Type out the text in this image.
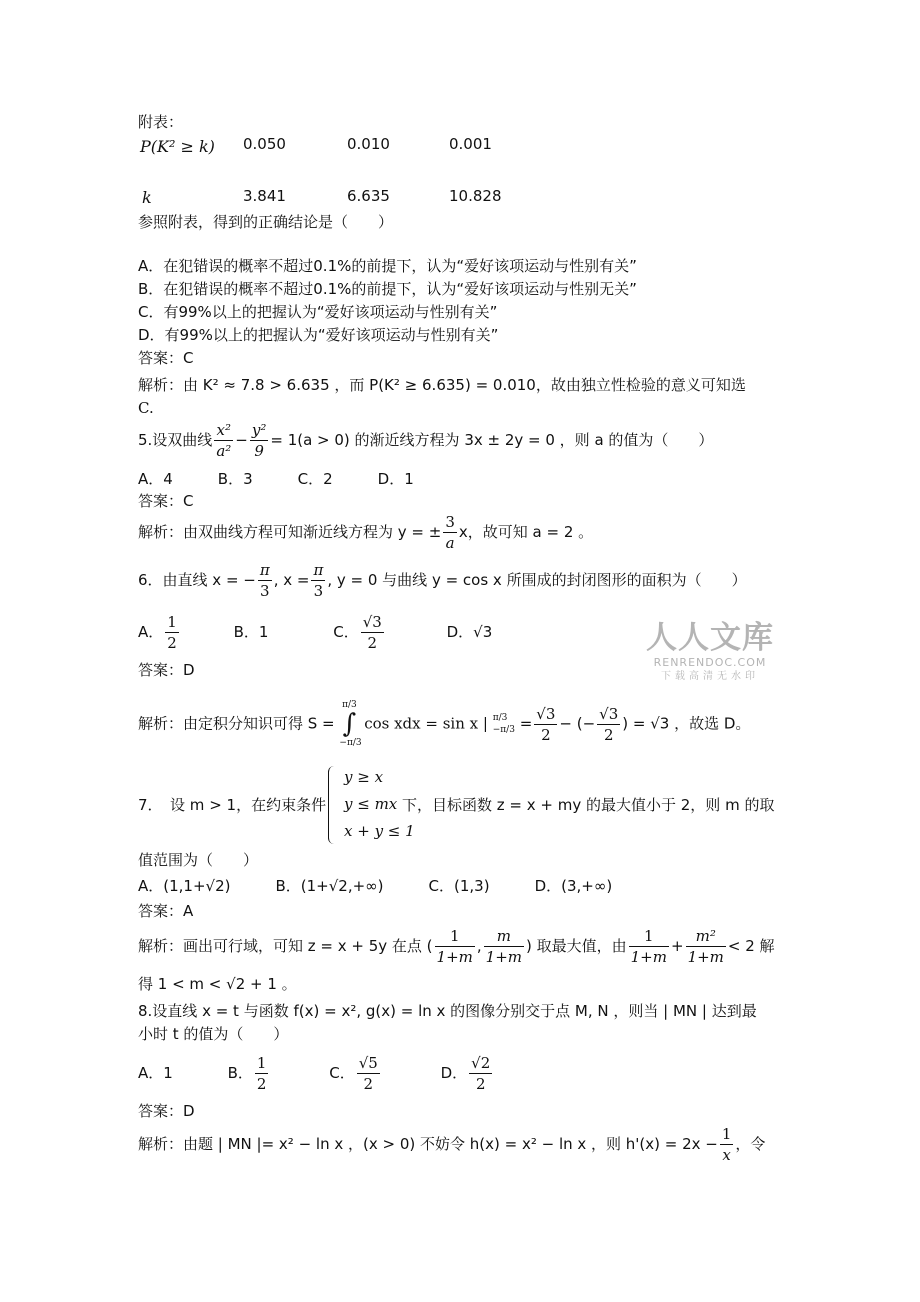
附表：
P(K² ≥ k) 0.050	0.010	0.001
k	3.841	6.635	10.828
参照附表，得到的正确结论是（　　）
A．在犯错误的概率不超过0.1%的前提下，认为“爱好该项运动与性别有关”
B．在犯错误的概率不超过0.1%的前提下，认为“爱好该项运动与性别无关”
C．有99%以上的把握认为“爱好该项运动与性别有关”
D．有99%以上的把握认为“爱好该项运动与性别有关”
答案：C
解析：由 K² ≈ 7.8 > 6.635 ，而 P(K² ≥ 6.635) = 0.010，故由独立性检验的意义可知选
C.
5.设双曲线 $\frac{\text{x²}}{\text{a²}} - \frac{\text{y²}}{9} = 1(a > 0)$ 的渐近线方程为 3x ± 2y = 0 ，则 a 的值为（　　）
A．4　　　B．3　　　C．2　　　D．1
答案：C
解析：由双曲线方程可知渐近线方程为 y = ± $\frac{3}{a}$ x，故可知 a = 2 。
6．由直线 x = − $\frac{\pi}{3}$ , $x = \frac{\pi}{3}$ , y = 0 与曲线 y = cos x 所围成的封闭图形的面积为（　　）
A． $\frac{1}{2}$	B．1	C． $\frac{√3}{2}$	D．√3
答案：D
解析：由定积分知识可得 S =
π/3
∫
−π/3
cos xdx = sin x | π/3
$-\pi/3 = \frac{√3}{2}$ − (− $\frac{√3}{2}$ ) = √3 ，故选 D。
7．　设 m > 1，在约束条件
y ≥ x
y ≤ mx
x + y ≤ 1
下，目标函数 z = x + my 的最大值小于 2，则 m 的取
值范围为（　　）
A．(1,1+√2)　　　B．(1+√2,+∞)　　　C．(1,3)　　　D．(3,+∞)
答案：A
解析：画出可行域，可知 z = x + 5y 在点 ( $\frac{1}{1+m}$ , $\frac{m}{1+m}$ ) 取最大值，由 $\frac{1}{1+m} + \frac{\text{m²}}{1+m} < 2$ 解
得 1 < m < √2 + 1 。
8.设直线 x = t 与函数 f(x) = x², g(x) = ln x 的图像分别交于点 M, N ，则当 | MN | 达到最
小时 t 的值为（　　）
A．1	B． $\frac{1}{2}$	C． $\frac{√5}{2}$	D． $\frac{√2}{2}$
答案：D
解析：由题 | MN |= x² − ln x ，(x > 0) 不妨令 h(x) = x² − ln x ，则 $h'(x) = 2x - \frac{1}{x}$ ，令
人人文库
RENRENDOC.COM
下载高清无水印
